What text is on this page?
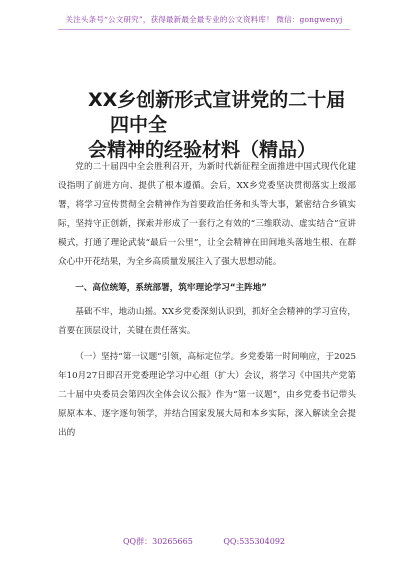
关注头条号“公文研究”，获得最新最全最专业的公文资料库！ 微信：gongwenyj
XX乡创新形式宣讲党的二十届四中全
会精神的经验材料（精品）

党的二十届四中全会胜利召开，为新时代新征程全面推进中国式现代化建设指明了前进方向、提供了根本遵循。会后，XX乡党委坚决贯彻落实上级部署，将学习宣传贯彻全会精神作为首要政治任务和头等大事，紧密结合乡镇实际，坚持守正创新，探索并形成了一套行之有效的“三维联动、虚实结合”宣讲模式，打通了理论武装“最后一公里”，让全会精神在田间地头落地生根、在群众心中开花结果，为全乡高质量发展注入了强大思想动能。

一、高位统筹，系统部署，筑牢理论学习“主阵地”

基础不牢，地动山摇。XX乡党委深刻认识到，抓好全会精神的学习宣传，首要在顶层设计，关键在责任落实。

（一）坚持“第一议题”引领，高标定位学。乡党委第一时间响应，于2025年10月27日即召开党委理论学习中心组（扩大）会议，将学习《中国共产党第二十届中央委员会第四次全体会议公报》作为“第一议题”，由乡党委书记带头原原本本、逐字逐句领学，并结合国家发展大局和本乡实际，深入解读全会提出的

QQ群：30265665	QQ:535304092
